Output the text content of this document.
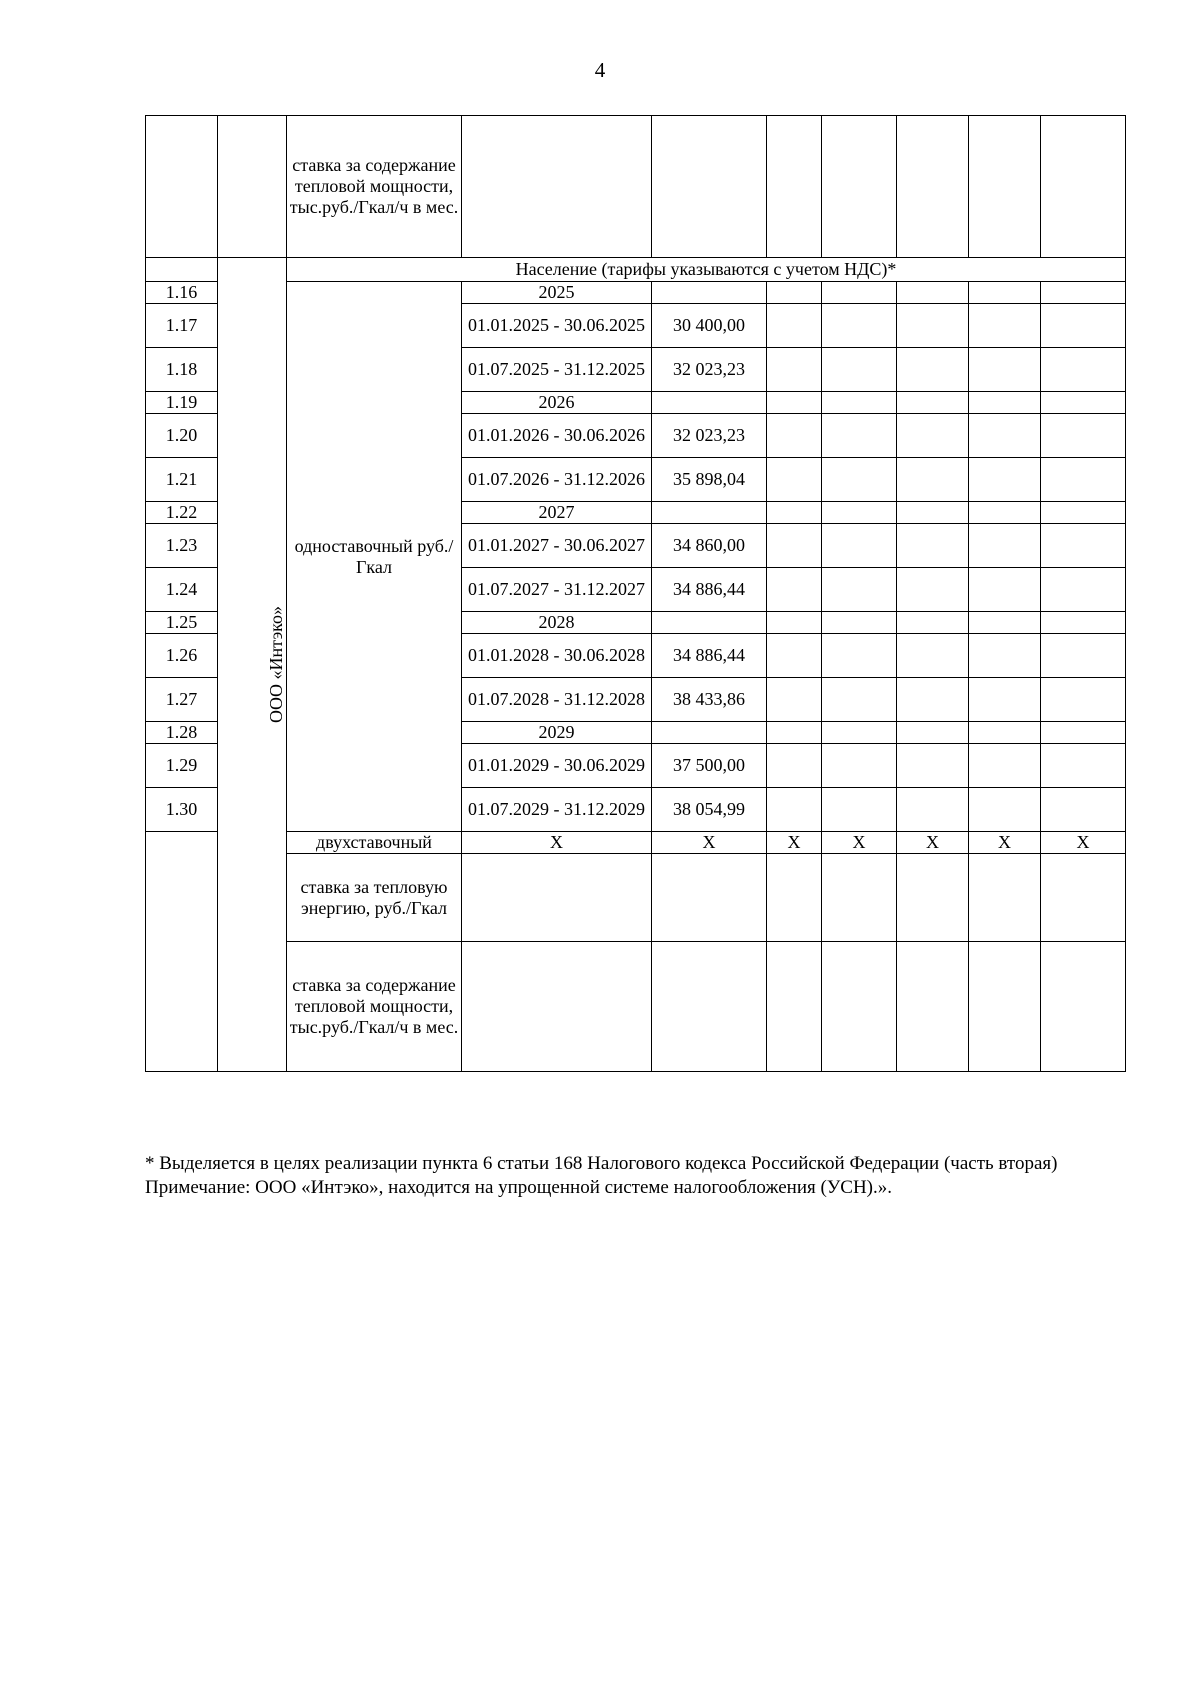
4
		ставка за содержание тепловой мощности, тыс.руб./Гкал/ч в мес.								
	ООО «Интэко»	Население (тарифы указываются с учетом НДС)*								
1.16		одноставочный руб./Гкал	2025							
1.17			01.01.2025 - 30.06.2025	30 400,00						
1.18			01.07.2025 - 31.12.2025	32 023,23						
1.19			2026							
1.20			01.01.2026 - 30.06.2026	32 023,23						
1.21			01.07.2026 - 31.12.2026	35 898,04						
1.22			2027							
1.23			01.01.2027 - 30.06.2027	34 860,00						
1.24			01.07.2027 - 31.12.2027	34 886,44						
1.25			2028							
1.26			01.01.2028 - 30.06.2028	34 886,44						
1.27			01.07.2028 - 31.12.2028	38 433,86						
1.28			2029							
1.29			01.01.2029 - 30.06.2029	37 500,00						
1.30			01.07.2029 - 31.12.2029	38 054,99						
		двухставочный	X	X	X	X	X	X	X	
		ставка за тепловую энергию, руб./Гкал								
		ставка за содержание тепловой мощности, тыс.руб./Гкал/ч в мес.								

* Выделяется в целях реализации пункта 6 статьи 168 Налогового кодекса Российской Федерации (часть вторая)

Примечание: ООО «Интэко», находится на упрощенной системе налогообложения (УСН).».
